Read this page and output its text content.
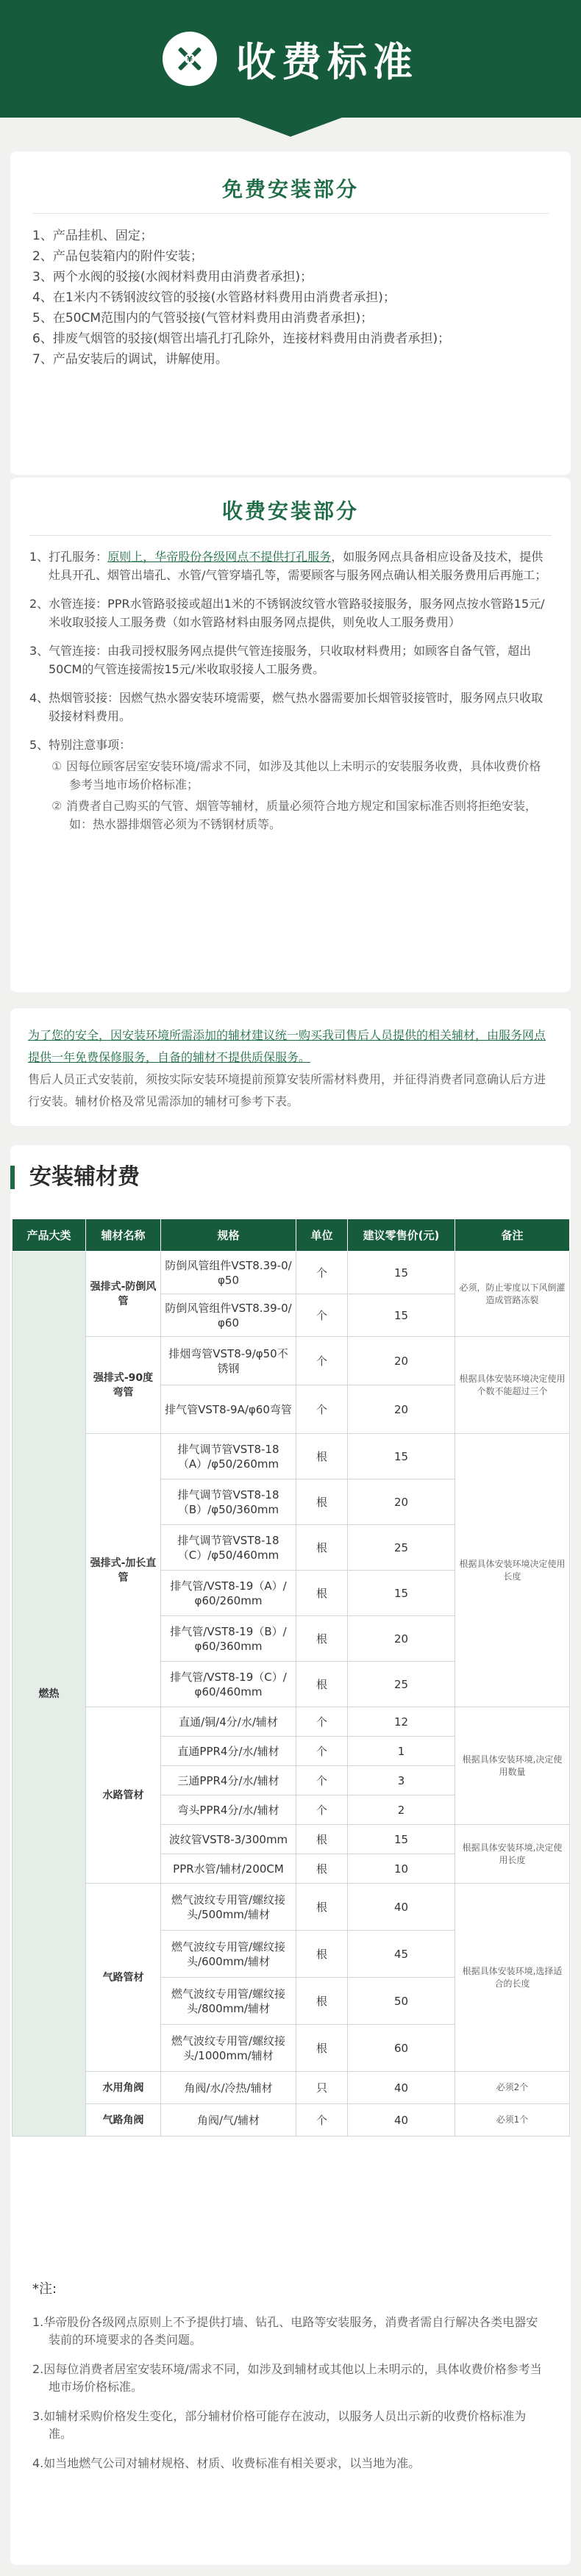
¥ 收费标准
免费安装部分
1、产品挂机、固定；
2、产品包装箱内的附件安装；
3、两个水阀的驳接(水阀材料费用由消费者承担)；
4、在1米内不锈钢波纹管的驳接(水管路材料费用由消费者承担)；
5、在50CM范围内的气管驳接(气管材料费用由消费者承担)；
6、排废气烟管的驳接(烟管出墙孔打孔除外，连接材料费用由消费者承担)；
7、产品安装后的调试，讲解使用。
收费安装部分
1、打孔服务：原则上，华帝股份各级网点不提供打孔服务，如服务网点具备相应设备及技术，提供灶具开孔、烟管出墙孔、水管/气管穿墙孔等，需要顾客与服务网点确认相关服务费用后再施工；
2、水管连接：PPR水管路驳接或超出1米的不锈钢波纹管水管路驳接服务，服务网点按水管路15元/米收取驳接人工服务费（如水管路材料由服务网点提供，则免收人工服务费用）
3、气管连接：由我司授权服务网点提供气管连接服务，只收取材料费用；如顾客自备气管，超出50CM的气管连接需按15元/米收取驳接人工服务费。
4、热烟管驳接：因燃气热水器安装环境需要，燃气热水器需要加长烟管驳接管时，服务网点只收取驳接材料费用。
5、特别注意事项：
① 因每位顾客居室安装环境/需求不同，如涉及其他以上未明示的安装服务收费，具体收费价格参考当地市场价格标准；
② 消费者自己购买的气管、烟管等辅材，质量必须符合地方规定和国家标准否则将拒绝安装，如：热水器排烟管必须为不锈钢材质等。

为了您的安全，因安装环境所需添加的辅材建议统一购买我司售后人员提供的相关辅材，由服务网点提供一年免费保修服务，自备的辅材不提供质保服务。

售后人员正式安装前，须按实际安装环境提前预算安装所需材料费用，并征得消费者同意确认后方进行安装。辅材价格及常见需添加的辅材可参考下表。

安装辅材费
产品大类	辅材名称	规格	单位	建议零售价(元)	备注
燃热	强排式-防倒风管	防倒风管组件VST8.39-0/φ50	个	15	必须，防止零度以下风倒灌造成管路冻裂
		防倒风管组件VST8.39-0/φ60	个	15	
	强排式-90度弯管	排烟弯管VST8-9/φ50不锈钢	个	20	根据具体安装环境决定使用个数不能超过三个
		排气管VST8-9A/φ60弯管	个	20	
	强排式-加长直管	排气调节管VST8-18（A）/φ50/260mm	根	15	根据具体安装环境决定使用长度
		排气调节管VST8-18（B）/φ50/360mm	根	20	
		排气调节管VST8-18（C）/φ50/460mm	根	25	
		排气管/VST8-19（A）/φ60/260mm	根	15	
		排气管/VST8-19（B）/φ60/360mm	根	20	
		排气管/VST8-19（C）/φ60/460mm	根	25	
	水路管材	直通/铜/4分/水/辅材	个	12	根据具体安装环境,决定使用数量
		直通PPR4分/水/辅材	个	1	
		三通PPR4分/水/辅材	个	3	
		弯头PPR4分/水/辅材	个	2	
		波纹管VST8-3/300mm	根	15	根据具体安装环境,决定使用长度
		PPR水管/辅材/200CM	根	10	
	气路管材	燃气波纹专用管/螺纹接头/500mm/辅材	根	40	根据具体安装环境,选择适合的长度
		燃气波纹专用管/螺纹接头/600mm/辅材	根	45	
		燃气波纹专用管/螺纹接头/800mm/辅材	根	50	
		燃气波纹专用管/螺纹接头/1000mm/辅材	根	60	
	水用角阀	角阀/水/冷热/辅材	只	40	必须2个
	气路角阀	角阀/气/辅材	个	40	必须1个
*注:

1.华帝股份各级网点原则上不予提供打墙、钻孔、电路等安装服务，消费者需自行解决各类电器安装前的环境要求的各类问题。

2.因每位消费者居室安装环境/需求不同，如涉及到辅材或其他以上未明示的，具体收费价格参考当地市场价格标准。

3.如辅材采购价格发生变化，部分辅材价格可能存在波动，以服务人员出示新的收费价格标准为准。

4.如当地燃气公司对辅材规格、材质、收费标准有相关要求，以当地为准。
